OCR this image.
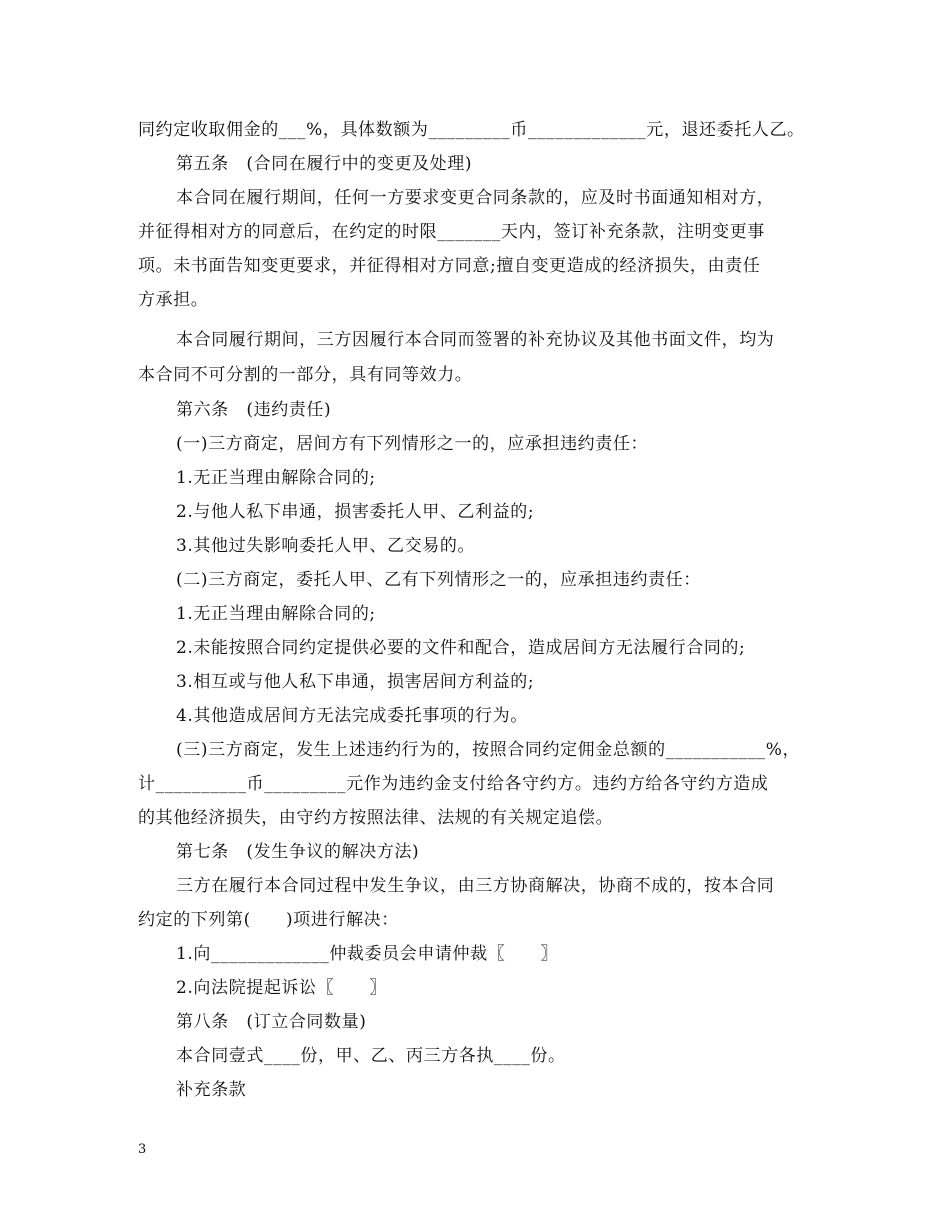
同约定收取佣金的___%，具体数额为_________币_____________元，退还委托人乙。
第五条　(合同在履行中的变更及处理)
本合同在履行期间，任何一方要求变更合同条款的，应及时书面通知相对方，
并征得相对方的同意后，在约定的时限_______天内，签订补充条款，注明变更事
项。未书面告知变更要求，并征得相对方同意;擅自变更造成的经济损失，由责任
方承担。
本合同履行期间，三方因履行本合同而签署的补充协议及其他书面文件，均为
本合同不可分割的一部分，具有同等效力。
第六条　(违约责任)
(一)三方商定，居间方有下列情形之一的，应承担违约责任：
1.无正当理由解除合同的;
2.与他人私下串通，损害委托人甲、乙利益的;
3.其他过失影响委托人甲、乙交易的。
(二)三方商定，委托人甲、乙有下列情形之一的，应承担违约责任：
1.无正当理由解除合同的;
2.未能按照合同约定提供必要的文件和配合，造成居间方无法履行合同的;
3.相互或与他人私下串通，损害居间方利益的;
4.其他造成居间方无法完成委托事项的行为。
(三)三方商定，发生上述违约行为的，按照合同约定佣金总额的___________%，
计__________币_________元作为违约金支付给各守约方。违约方给各守约方造成
的其他经济损失，由守约方按照法律、法规的有关规定追偿。
第七条　(发生争议的解决方法)
三方在履行本合同过程中发生争议，由三方协商解决，协商不成的，按本合同
约定的下列第(　　)项进行解决：
1.向_____________仲裁委员会申请仲裁〖　　〗
2.向法院提起诉讼〖　　〗
第八条　(订立合同数量)
本合同壹式____份，甲、乙、丙三方各执____份。
补充条款
3
